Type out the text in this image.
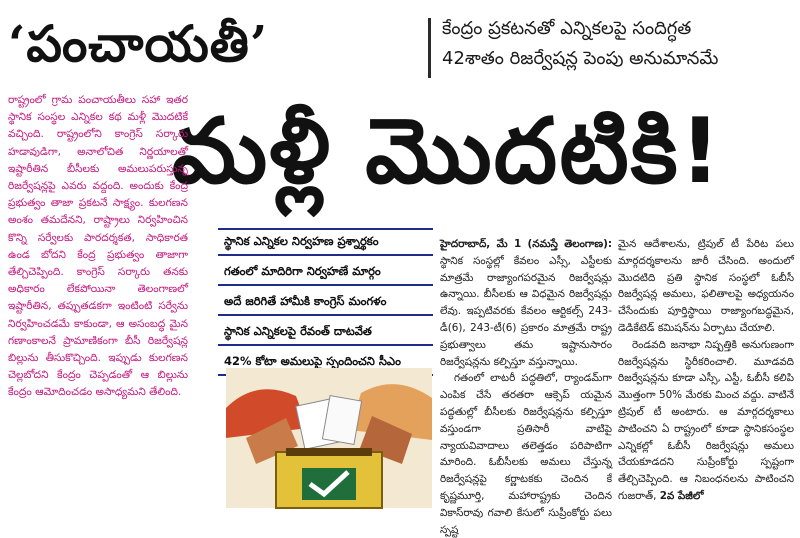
‘పంచాయతీ’	కేంద్రం ప్రకటనతో ఎన్నికలపై సందిగ్ధత
42శాతం రిజర్వేషన్ల పెంపు అనుమానమే
మళ్లీ మొదటికి!
రాష్ట్రంలో గ్రామ పంచాయతీలు సహా ఇతర స్థానిక సంస్థల ఎన్నికల కథ మళ్లీ మొదటికే వచ్చింది. రాష్ట్రంలోని కాంగ్రెస్ సర్కారు హడావుడిగా, అనాలోచిత నిర్ణయాలతో ఇష్టారీతిన బీసీలకు అమలుపరుస్తున్న రిజర్వేషన్లపై ఎవరు వద్దంది. అందుకు కేంద్ర ప్రభుత్వం తాజా ప్రకటనే సాక్ష్యం. కులగణన అంశం తమదేనని, రాష్ట్రాలు నిర్వహించిన కొన్ని సర్వేలకు పారదర్శకత, సాధికారత ఉండ బోదని కేంద్ర ప్రభుత్వం తాజాగా తేల్చిచెప్పింది. కాంగ్రెస్ సర్కారు తనకు అధికారం లేకపోయినా తెలంగాణలో ఇష్టారీతిన, తప్పుతడకగా ఇంటింటి సర్వేను నిర్వహించడమే కాకుండా, ఆ అసంబద్ధ మైన గణాంకాలనే ప్రామాణికంగా బీసీ రిజర్వేషన్ల బిల్లును తీసుకొచ్చింది. ఇప్పుడు కులగణన చెల్లబోదని కేంద్రం చెప్పడంతో ఆ బిల్లును కేంద్రం ఆమోదించడం అసాధ్యమని తేలింది.
స్థానిక ఎన్నికల నిర్వహణ ప్రశ్నార్థకం
గతంలో మాదిరిగా నిర్వహణే మార్గం
అదే జరిగితే హామీకి కాంగ్రెస్ మంగళం
స్థానిక ఎన్నికలపై రేవంత్ దాటవేత
42% కోటా అమలుపై స్పందించని సీఎం

హైదరాబాద్, మే 1 (నమస్తే తెలంగాణ): స్థానిక సంస్థల్లో కేవలం ఎస్సీ, ఎస్టీలకు మాత్రమే రాజ్యాంగపరమైన రిజర్వేషన్లు ఉన్నాయి. బీసీలకు ఆ విధమైన రిజర్వేషన్లు లేవు. ఇప్పటివరకు కేవలం ఆర్టికల్స్ 243-డీ(6), 243-టీ(6) ప్రకారం మాత్రమే రాష్ట్ర ప్రభుత్వాలు తమ ఇష్టానుసారం రిజర్వేషన్లను కల్పిస్తూ వస్తున్నాయి.

గతంలో లాటరీ పద్ధతిలో, ర్యాండమ్‌గా ఎంపిక చేసే తరతరా ఆక్సెప్ యమైన పద్ధతుల్లో బీసీలకు రిజర్వేషన్లను కల్పిస్తూ వస్తుండగా ప్రతిసారీ వాటిపై న్యాయవివాదాలు తలెత్తడం పరిపాటిగా మారింది. ఓబీసీలకు అమలు చేస్తున్న రిజర్వేషన్లపై కర్ణాటకకు చెందిన కే కృష్ణమూర్తి, మహారాష్ట్రకు చెందిన వికాస్‌రావు గవాలి కేసులో సుప్రీంకోర్టు పలు స్పష్ట

మైన ఆదేశాలను, ట్రిపుల్ టీ పేరిట పలు మార్గదర్శకాలను జారీ చేసింది. అందులో మొదటిది ప్రతి స్థానిక సంస్థలో ఓబీసీ రిజర్వేషన్ల అమలు, ఫలితాలపై అధ్యయనం చేసేందుకు పూర్తిస్థాయి రాజ్యాంగబద్ధమైన, డెడికేటెడ్ కమిషన్‌ను ఏర్పాటు చేయాలి.

రెండవది జనాభా నిష్పత్తికి అనుగుణంగా రిజర్వేషన్లను స్థిరీకరించాలి. మూడవది రిజర్వేషన్లను కూడా ఎస్సీ, ఎస్టీ, ఓబీసీ కలిపి మొత్తంగా 50% మేరకు మించ వద్దు. వాటినే ట్రిపుల్ టీ అంటారు. ఆ మార్గదర్శకాలు పాటించని ఏ రాష్ట్రంలో కూడా స్థానికసంస్థల ఎన్నికల్లో ఓబీసీ రిజర్వేషన్లు అమలు చేయకూడదని సుప్రీంకోర్టు స్పష్టంగా తేల్చిచెప్పింది. ఆ నిబంధనలను పాటించని గుజరాత్, 2వ పేజీలో
